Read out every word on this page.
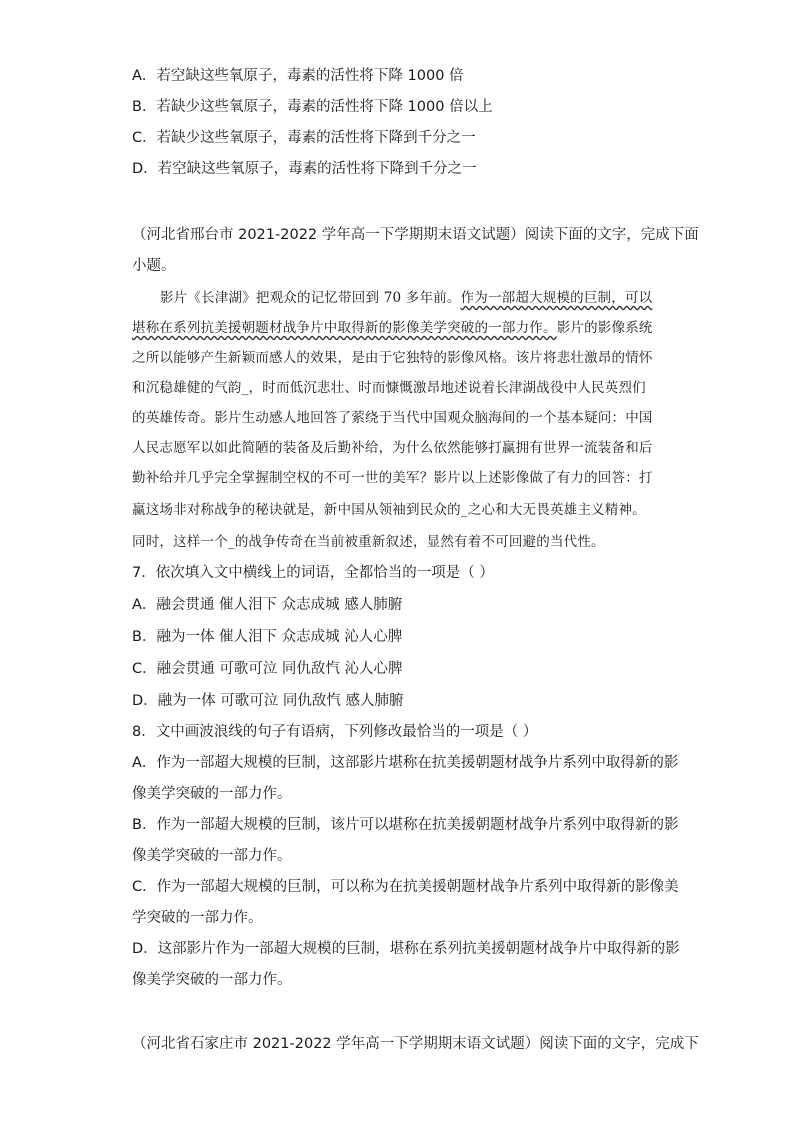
A．若空缺这些氧原子，毒素的活性将下降 1000 倍
B．若缺少这些氧原子，毒素的活性将下降 1000 倍以上
C．若缺少这些氧原子，毒素的活性将下降到千分之一
D．若空缺这些氧原子，毒素的活性将下降到千分之一
（河北省邢台市 2021-2022 学年高一下学期期末语文试题）阅读下面的文字，完成下面
小题。
影片《长津湖》把观众的记忆带回到 70 多年前。作为一部超大规模的巨制，可以
堪称在系列抗美援朝题材战争片中取得新的影像美学突破的一部力作。影片的影像系统
之所以能够产生新颖而感人的效果，是由于它独特的影像风格。该片将悲壮激昂的情怀
和沉稳雄健的气韵_，时而低沉悲壮、时而慷慨激昂地述说着长津湖战役中人民英烈们
的英雄传奇。影片生动感人地回答了萦绕于当代中国观众脑海间的一个基本疑问：中国
人民志愿军以如此简陋的装备及后勤补给，为什么依然能够打赢拥有世界一流装备和后
勤补给并几乎完全掌握制空权的不可一世的美军？影片以上述影像做了有力的回答：打
赢这场非对称战争的秘诀就是，新中国从领袖到民众的_之心和大无畏英雄主义精神。
同时，这样一个_的战争传奇在当前被重新叙述，显然有着不可回避的当代性。
7．依次填入文中横线上的词语，全都恰当的一项是（ ）
A．融会贯通 催人泪下 众志成城 感人肺腑
B．融为一体 催人泪下 众志成城 沁人心脾
C．融会贯通 可歌可泣 同仇敌忾 沁人心脾
D．融为一体 可歌可泣 同仇敌忾 感人肺腑
8．文中画波浪线的句子有语病，下列修改最恰当的一项是（ ）
A．作为一部超大规模的巨制，这部影片堪称在抗美援朝题材战争片系列中取得新的影
像美学突破的一部力作。
B．作为一部超大规模的巨制，该片可以堪称在抗美援朝题材战争片系列中取得新的影
像美学突破的一部力作。
C．作为一部超大规模的巨制，可以称为在抗美援朝题材战争片系列中取得新的影像美
学突破的一部力作。
D．这部影片作为一部超大规模的巨制，堪称在系列抗美援朝题材战争片中取得新的影
像美学突破的一部力作。
（河北省石家庄市 2021-2022 学年高一下学期期末语文试题）阅读下面的文字，完成下
